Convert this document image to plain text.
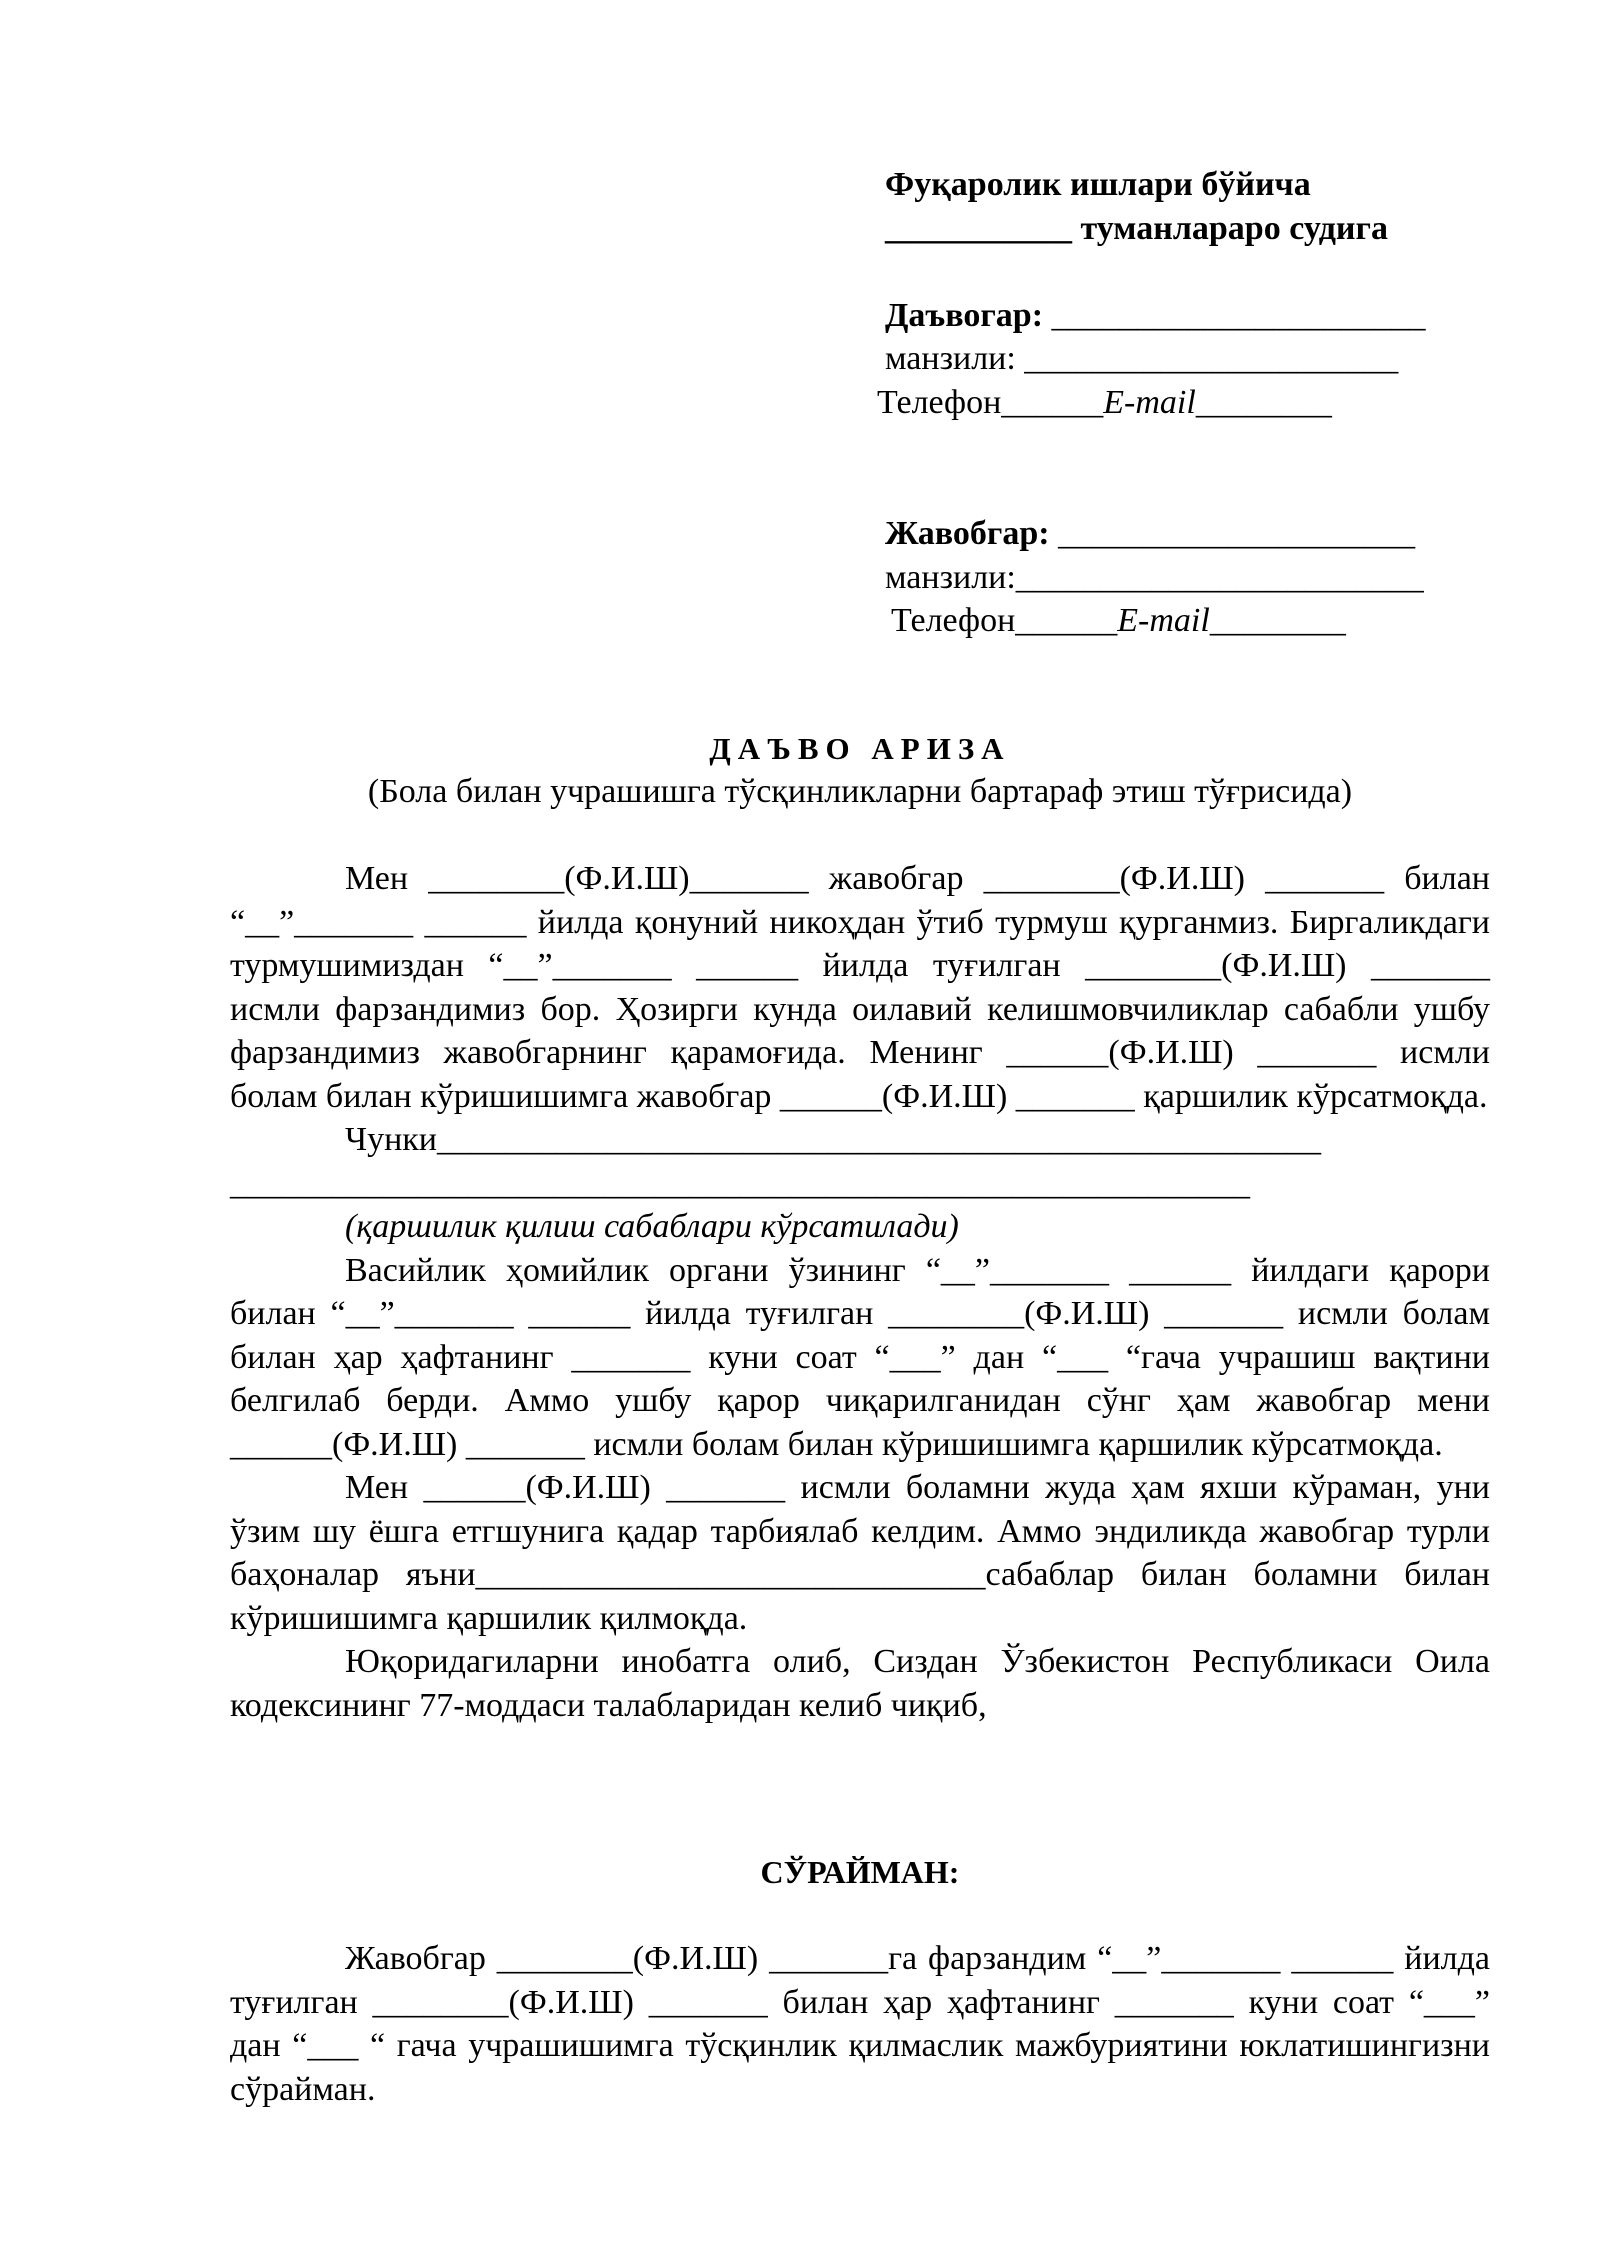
Фуқаролик ишлари бўйича
___________ туманлараро судига
Даъвогар: ______________________
манзили: ______________________
Телефон______E-mail________
Жавобгар: _____________________
манзили:________________________
Телефон______E-mail________
ДАЪВО АРИЗА
(Бола билан учрашишга тўсқинликларни бартараф этиш тўғрисида)

Мен ________(Ф.И.Ш)_______ жавобгар ________(Ф.И.Ш) _______ билан “__”_______ ______ йилда қонуний никоҳдан ўтиб турмуш қурганмиз. Биргаликдаги турмушимиздан “__”_______ ______ йилда туғилган ________(Ф.И.Ш) _______ исмли фарзандимиз бор. Ҳозирги кунда оилавий келишмовчиликлар сабабли ушбу фарзандимиз жавобгарнинг қарамоғида. Менинг ______(Ф.И.Ш) _______ исмли болам билан кўришишимга жавобгар ______(Ф.И.Ш) _______ қаршилик кўрсатмоқда.

Чунки____________________________________________________
____________________________________________________________
(қаршилик қилиш сабаблари кўрсатилади)

Васийлик ҳомийлик органи ўзининг “__”_______ ______ йилдаги қарори билан “__”_______ ______ йилда туғилган ________(Ф.И.Ш) _______ исмли болам билан ҳар ҳафтанинг _______ куни соат “___” дан “___ “гача учрашиш вақтини белгилаб берди. Аммо ушбу қарор чиқарилганидан сўнг ҳам жавобгар мени ______(Ф.И.Ш) _______ исмли болам билан кўришишимга қаршилик кўрсатмоқда.

Мен ______(Ф.И.Ш) _______ исмли боламни жуда ҳам яхши кўраман, уни ўзим шу ёшга етгшунига қадар тарбиялаб келдим. Аммо эндиликда жавобгар турли баҳоналар яъни______________________________сабаблар билан боламни билан кўришишимга қаршилик қилмоқда.

Юқоридагиларни инобатга олиб, Сиздан Ўзбекистон Республикаси Оила кодексининг 77-моддаси талабларидан келиб чиқиб,

СЎРАЙМАН:

Жавобгар ________(Ф.И.Ш) _______га фарзандим “__”_______ ______ йилда туғилган ________(Ф.И.Ш) _______ билан ҳар ҳафтанинг _______ куни соат “___” дан “___ “ гача учрашишимга тўсқинлик қилмаслик мажбуриятини юклатишингизни сўрайман.
